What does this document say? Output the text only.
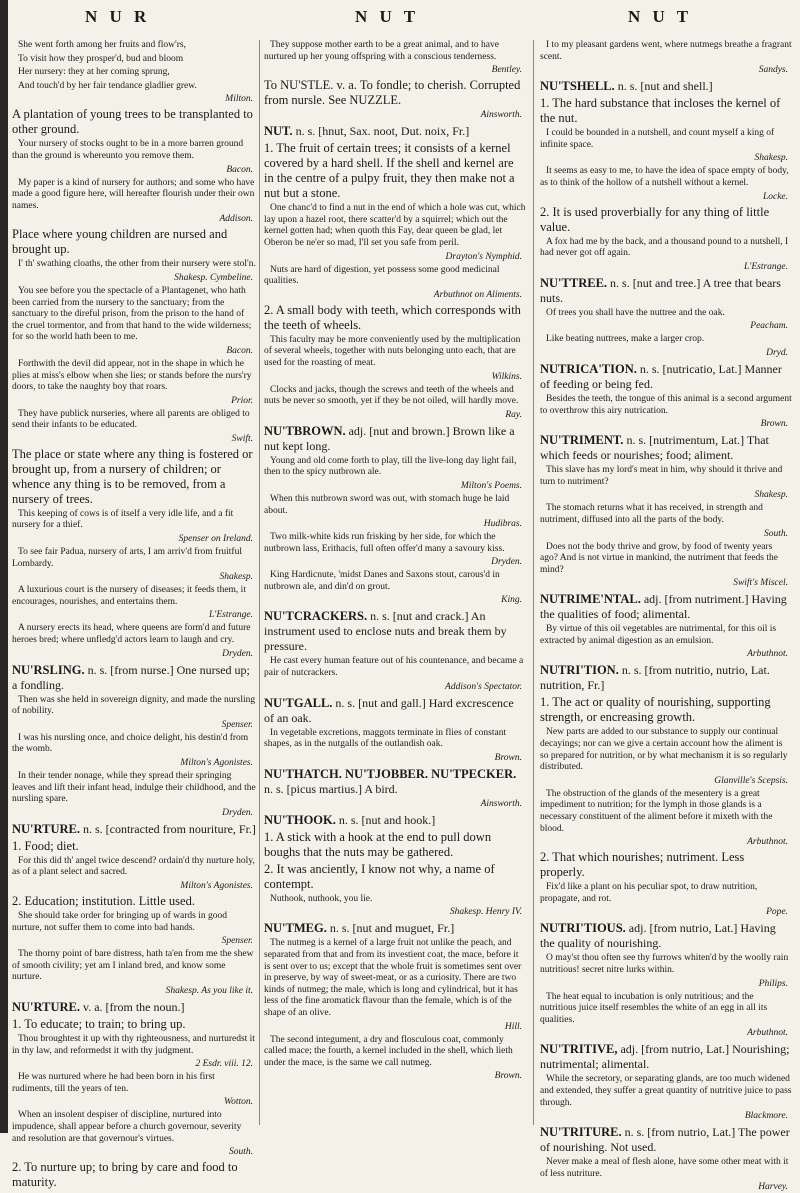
N U R	N U T	N U T
She went forth among her fruits and flow'rs,
To visit how they prosper'd, bud and bloom
Her nursery: they at her coming sprung,
And touch'd by her fair tendance gladlier grew.
Milton.
A plantation of young trees to be transplanted to other ground.
Your nursery of stocks ought to be in a more barren ground than the ground is whereunto you remove them.
Bacon.
My paper is a kind of nursery for authors; and some who have made a good figure here, will hereafter flourish under their own names.
Addison.
Place where young children are nursed and brought up.
I' th' swathing cloaths, the other from their nursery were stol'n.
Shakesp. Cymbeline.
You see before you the spectacle of a Plantagenet, who hath been carried from the nursery to the sanctuary; from the sanctuary to the direful prison, from the prison to the hand of the cruel tormentor, and from that hand to the wide wilderness; for so the world hath been to me.
Bacon.
Forthwith the devil did appear, not in the shape in which he plies at miss's elbow when she lies; or stands before the nurs'ry doors, to take the naughty boy that roars.
Prior.
They have publick nurseries, where all parents are obliged to send their infants to be educated.
Swift.
The place or state where any thing is fostered or brought up, from a nursery of children; or whence any thing is to be removed, from a nursery of trees.
This keeping of cows is of itself a very idle life, and a fit nursery for a thief.
Spenser on Ireland.
To see fair Padua, nursery of arts, I am arriv'd from fruitful Lombardy.
Shakesp.
A luxurious court is the nursery of diseases; it feeds them, it encourages, nourishes, and entertains them.
L'Estrange.
A nursery erects its head, where queens are form'd and future heroes bred; where unfledg'd actors learn to laugh and cry.
Dryden.
NU'RSLING. n. s. [from nurse.] One nursed up; a fondling.
Then was she held in sovereign dignity, and made the nursling of nobility.
Spenser.
I was his nursling once, and choice delight, his destin'd from the womb.
Milton's Agonistes.
In their tender nonage, while they spread their springing leaves and lift their infant head, indulge their childhood, and the nursling spare.
Dryden.
NU'RTURE. n. s. [contracted from nouriture, Fr.]
1. Food; diet.
For this did th' angel twice descend? ordain'd thy nurture holy, as of a plant select and sacred.
Milton's Agonistes.
2. Education; institution. Little used.
She should take order for bringing up of wards in good nurture, not suffer them to come into bad hands.
Spenser.
The thorny point of bare distress, hath ta'en from me the shew of smooth civility; yet am I inland bred, and know some nurture.
Shakesp. As you like it.
NU'RTURE. v. a. [from the noun.]
1. To educate; to train; to bring up.
Thou broughtest it up with thy righteousness, and nurturedst it in thy law, and reformedst it with thy judgment.
2 Esdr. viii. 12.
He was nurtured where he had been born in his first rudiments, till the years of ten.
Wotton.
When an insolent despiser of discipline, nurtured into impudence, shall appear before a church governour, severity and resolution are that governour's virtues.
South.
2. To nurture up; to bring by care and food to maturity.
They suppose mother earth to be a great animal, and to have nurtured up her young offspring with a conscious tenderness.
Bentley.
To NU'STLE. v. a. To fondle; to cherish. Corrupted from nursle. See NUZZLE.
Ainsworth.
NUT. n. s. [hnut, Sax. noot, Dut. noix, Fr.]
1. The fruit of certain trees; it consists of a kernel covered by a hard shell. If the shell and kernel are in the centre of a pulpy fruit, they then make not a nut but a stone.
One chanc'd to find a nut in the end of which a hole was cut, which lay upon a hazel root, there scatter'd by a squirrel; which out the kernel gotten had; when quoth this Fay, dear queen be glad, let Oberon be ne'er so mad, I'll set you safe from peril.
Drayton's Nymphid.
Nuts are hard of digestion, yet possess some good medicinal qualities.
Arbuthnot on Aliments.
2. A small body with teeth, which corresponds with the teeth of wheels.
This faculty may be more conveniently used by the multiplication of several wheels, together with nuts belonging unto each, that are used for the roasting of meat.
Wilkins.
Clocks and jacks, though the screws and teeth of the wheels and nuts be never so smooth, yet if they be not oiled, will hardly move.
Ray.
NU'TBROWN. adj. [nut and brown.] Brown like a nut kept long.
Young and old come forth to play, till the live-long day light fail, then to the spicy nutbrown ale.
Milton's Poems.
When this nutbrown sword was out, with stomach huge he laid about.
Hudibras.
Two milk-white kids run frisking by her side, for which the nutbrown lass, Erithacis, full often offer'd many a savoury kiss.
Dryden.
King Hardicnute, 'midst Danes and Saxons stout, carous'd in nutbrown ale, and din'd on grout.
King.
NU'TCRACKERS. n. s. [nut and crack.] An instrument used to enclose nuts and break them by pressure.
He cast every human feature out of his countenance, and became a pair of nutcrackers.
Addison's Spectator.
NU'TGALL. n. s. [nut and gall.] Hard excrescence of an oak.
In vegetable excretions, maggots terminate in flies of constant shapes, as in the nutgalls of the outlandish oak.
Brown.
NU'THATCH. NU'TJOBBER. NU'TPECKER. n. s. [picus martius.] A bird.
Ainsworth.
NU'THOOK. n. s. [nut and hook.]
1. A stick with a hook at the end to pull down boughs that the nuts may be gathered.
2. It was anciently, I know not why, a name of contempt.
Nuthook, nuthook, you lie.
Shakesp. Henry IV.
NU'TMEG. n. s. [nut and muguet, Fr.]
The nutmeg is a kernel of a large fruit not unlike the peach, and separated from that and from its investient coat, the mace, before it is sent over to us; except that the whole fruit is sometimes sent over in preserve, by way of sweet-meat, or as a curiosity. There are two kinds of nutmeg; the male, which is long and cylindrical, but it has less of the fine aromatick flavour than the female, which is of the shape of an olive.
Hill.
The second integument, a dry and flosculous coat, commonly called mace; the fourth, a kernel included in the shell, which lieth under the mace, is the same we call nutmeg.
Brown.
I to my pleasant gardens went, where nutmegs breathe a fragrant scent.
Sandys.
NU'TSHELL. n. s. [nut and shell.]
1. The hard substance that incloses the kernel of the nut.
I could be bounded in a nutshell, and count myself a king of infinite space.
Shakesp.
It seems as easy to me, to have the idea of space empty of body, as to think of the hollow of a nutshell without a kernel.
Locke.
2. It is used proverbially for any thing of little value.
A fox had me by the back, and a thousand pound to a nutshell, I had never got off again.
L'Estrange.
NU'TTREE. n. s. [nut and tree.] A tree that bears nuts.
Of trees you shall have the nuttree and the oak.
Peacham.
Like beating nuttrees, make a larger crop.
Dryd.
NUTRICA'TION. n. s. [nutricatio, Lat.] Manner of feeding or being fed.
Besides the teeth, the tongue of this animal is a second argument to overthrow this airy nutrication.
Brown.
NU'TRIMENT. n. s. [nutrimentum, Lat.] That which feeds or nourishes; food; aliment.
This slave has my lord's meat in him, why should it thrive and turn to nutriment?
Shakesp.
The stomach returns what it has received, in strength and nutriment, diffused into all the parts of the body.
South.
Does not the body thrive and grow, by food of twenty years ago? And is not virtue in mankind, the nutriment that feeds the mind?
Swift's Miscel.
NUTRIME'NTAL. adj. [from nutriment.] Having the qualities of food; alimental.
By virtue of this oil vegetables are nutrimental, for this oil is extracted by animal digestion as an emulsion.
Arbuthnot.
NUTRI'TION. n. s. [from nutritio, nutrio, Lat. nutrition, Fr.]
1. The act or quality of nourishing, supporting strength, or encreasing growth.
New parts are added to our substance to supply our continual decayings; nor can we give a certain account how the aliment is so prepared for nutrition, or by what mechanism it is so regularly distributed.
Glanville's Scepsis.
The obstruction of the glands of the mesentery is a great impediment to nutrition; for the lymph in those glands is a necessary constituent of the aliment before it mixeth with the blood.
Arbuthnot.
2. That which nourishes; nutriment. Less properly.
Fix'd like a plant on his peculiar spot, to draw nutrition, propagate, and rot.
Pope.
NUTRI'TIOUS. adj. [from nutrio, Lat.] Having the quality of nourishing.
O may'st thou often see thy furrows whiten'd by the woolly rain nutritious! secret nitre lurks within.
Philips.
The heat equal to incubation is only nutritious; and the nutritious juice itself resembles the white of an egg in all its qualities.
Arbuthnot.
NU'TRITIVE, adj. [from nutrio, Lat.] Nourishing; nutrimental; alimental.
While the secretory, or separating glands, are too much widened and extended, they suffer a great quantity of nutritive juice to pass through.
Blackmore.
NU'TRITURE. n. s. [from nutrio, Lat.] The power of nourishing. Not used.
Never make a meal of flesh alone, have some other meat with it of less nutriture.
Harvey.
